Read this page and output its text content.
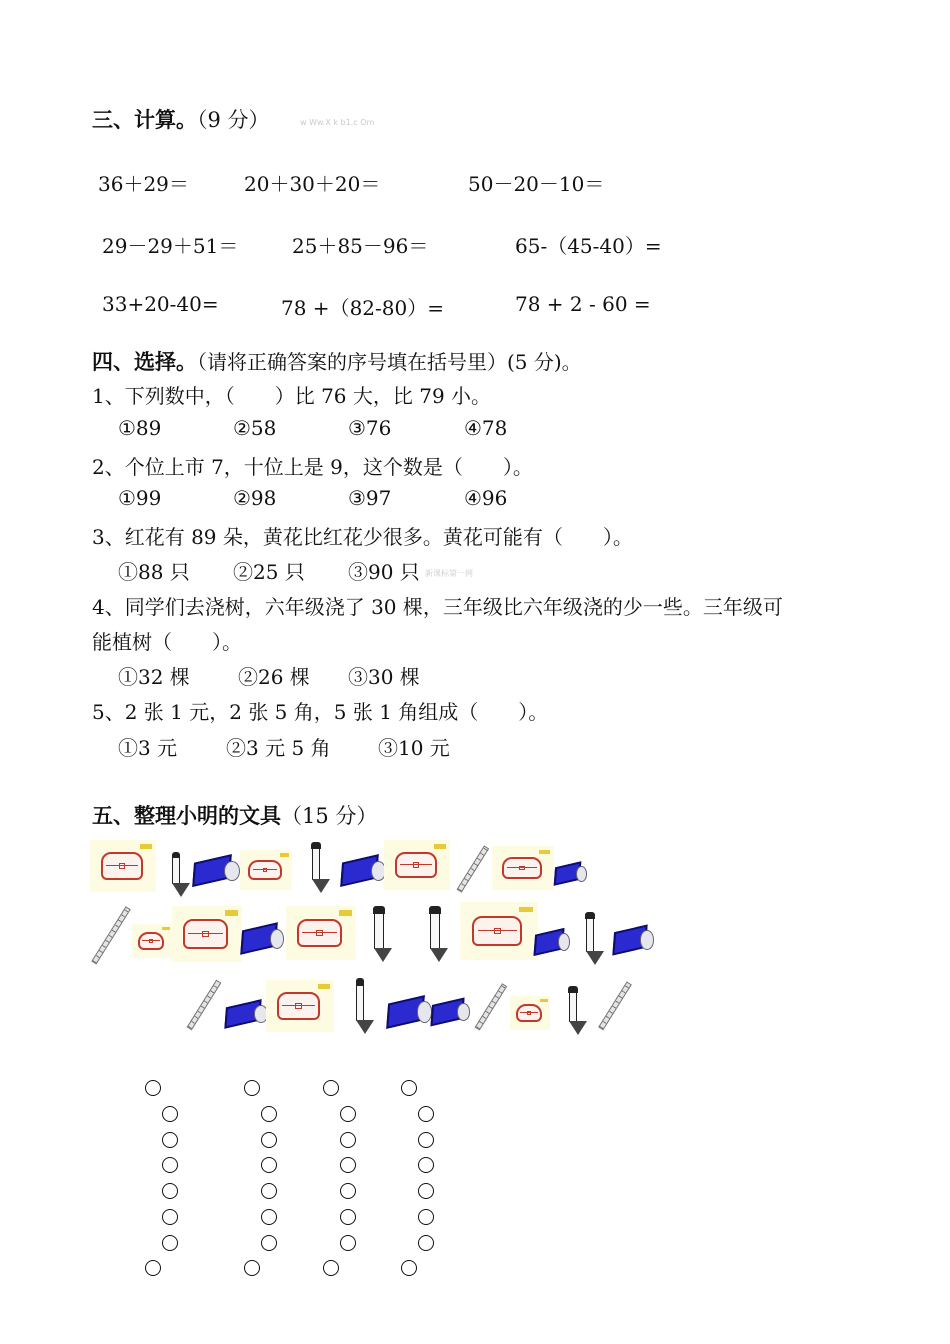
三、计算。（9 分）	w Ww.X k b1.c Om
36＋29＝	20＋30＋20＝	50－20－10＝
29－29＋51＝	25＋85－96＝	65-（45-40）=
33+20-40=	78 +（82-80）=	78 + 2 - 60 =
四、选择。（请将正确答案的序号填在括号里）(5 分)。
1、下列数中，（　　）比 76 大，比 79 小。
①89	②58	③76	④78
2、个位上市 7，十位上是 9，这个数是（　　）。
①99	②98	③97	④96
3、红花有 89 朵，黄花比红花少很多。黄花可能有（　　）。
①88 只 ②25 只 ③90 只 新课标第一网
4、同学们去浇树，六年级浇了 30 棵，三年级比六年级浇的少一些。三年级可
能植树（　　）。
①32 棵 ②26 棵 ③30 棵
5、2 张 1 元，2 张 5 角，5 张 1 角组成（　　）。
①3 元 ②3 元 5 角 ③10 元
五、整理小明的文具（15 分）
